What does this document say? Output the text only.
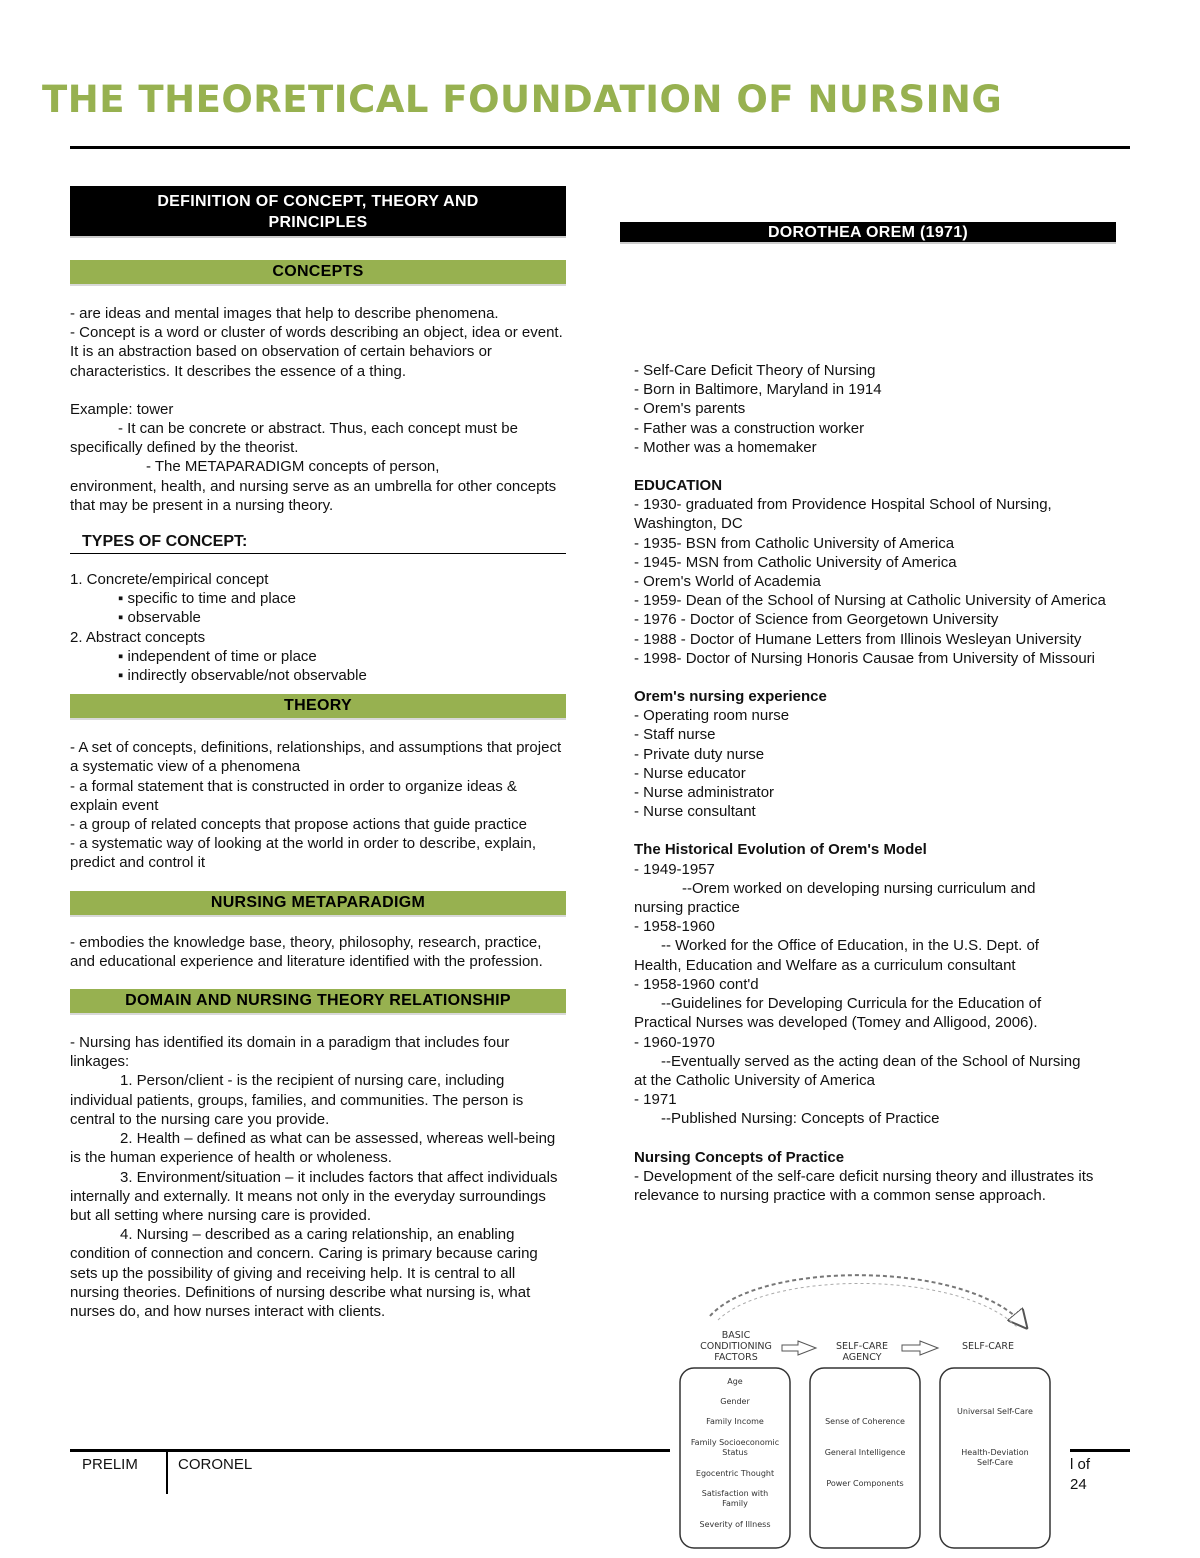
THE THEORETICAL FOUNDATION OF NURSING
DEFINITION OF CONCEPT, THEORY AND PRINCIPLES
CONCEPTS
- are ideas and mental images that help to describe phenomena.
- Concept is a word or cluster of words describing an object, idea or event. It is an abstraction based on observation of certain behaviors or characteristics. It describes the essence of a thing.
Example: tower
- It can be concrete or abstract. Thus, each concept must be
specifically defined by the theorist.
- The METAPARADIGM concepts of person,
environment, health, and nursing serve as an umbrella for other concepts that may be present in a nursing theory.
TYPES OF CONCEPT:
1. Concrete/empirical concept
▪ specific to time and place
▪ observable
2. Abstract concepts
▪ independent of time or place
▪ indirectly observable/not observable
THEORY
- A set of concepts, definitions, relationships, and assumptions that project a systematic view of a phenomena
- a formal statement that is constructed in order to organize ideas & explain event
- a group of related concepts that propose actions that guide practice
- a systematic way of looking at the world in order to describe, explain, predict and control it
NURSING METAPARADIGM
- embodies the knowledge base, theory, philosophy, research, practice, and educational experience and literature identified with the profession.
DOMAIN AND NURSING THEORY RELATIONSHIP
- Nursing has identified its domain in a paradigm that includes four linkages:
1. Person/client - is the recipient of nursing care, including individual patients, groups, families, and communities. The person is central to the nursing care you provide.
2. Health – defined as what can be assessed, whereas well-being is the human experience of health or wholeness.
3. Environment/situation – it includes factors that affect individuals internally and externally. It means not only in the everyday surroundings but all setting where nursing care is provided.
4. Nursing – described as a caring relationship, an enabling condition of connection and concern. Caring is primary because caring sets up the possibility of giving and receiving help. It is central to all nursing theories. Definitions of nursing describe what nursing is, what nurses do, and how nurses interact with clients.
DOROTHEA OREM (1971)
- Self-Care Deficit Theory of Nursing
- Born in Baltimore, Maryland in 1914
- Orem's parents
- Father was a construction worker
- Mother was a homemaker
EDUCATION
- 1930- graduated from Providence Hospital School of Nursing, Washington, DC
- 1935- BSN from Catholic University of America
- 1945- MSN from Catholic University of America
- Orem's World of Academia
- 1959- Dean of the School of Nursing at Catholic University of America
- 1976 - Doctor of Science from Georgetown University
- 1988 - Doctor of Humane Letters from Illinois Wesleyan University
- 1998- Doctor of Nursing Honoris Causae from University of Missouri
Orem's nursing experience
- Operating room nurse
- Staff nurse
- Private duty nurse
- Nurse educator
- Nurse administrator
- Nurse consultant
The Historical Evolution of Orem's Model
- 1949-1957
--Orem worked on developing nursing curriculum and
nursing practice
- 1958-1960
-- Worked for the Office of Education, in the U.S. Dept. of
Health, Education and Welfare as a curriculum consultant
- 1958-1960 cont'd
--Guidelines for Developing Curricula for the Education of
Practical Nurses was developed (Tomey and Alligood, 2006).
- 1960-1970
--Eventually served as the acting dean of the School of Nursing
at the Catholic University of America
- 1971
--Published Nursing: Concepts of Practice
Nursing Concepts of Practice
- Development of the self-care deficit nursing theory and illustrates its relevance to nursing practice with a common sense approach.
PRELIM	CORONEL	l of
24
BASIC
CONDITIONING
FACTORS
SELF-CARE
AGENCY
SELF-CARE
Age
Gender
Family Income
Family Socioeconomic
Status
Egocentric Thought
Satisfaction with
Family
Severity of Illness
Sense of Coherence
General Intelligence
Power Components
Universal Self-Care
Health-Deviation
Self-Care
